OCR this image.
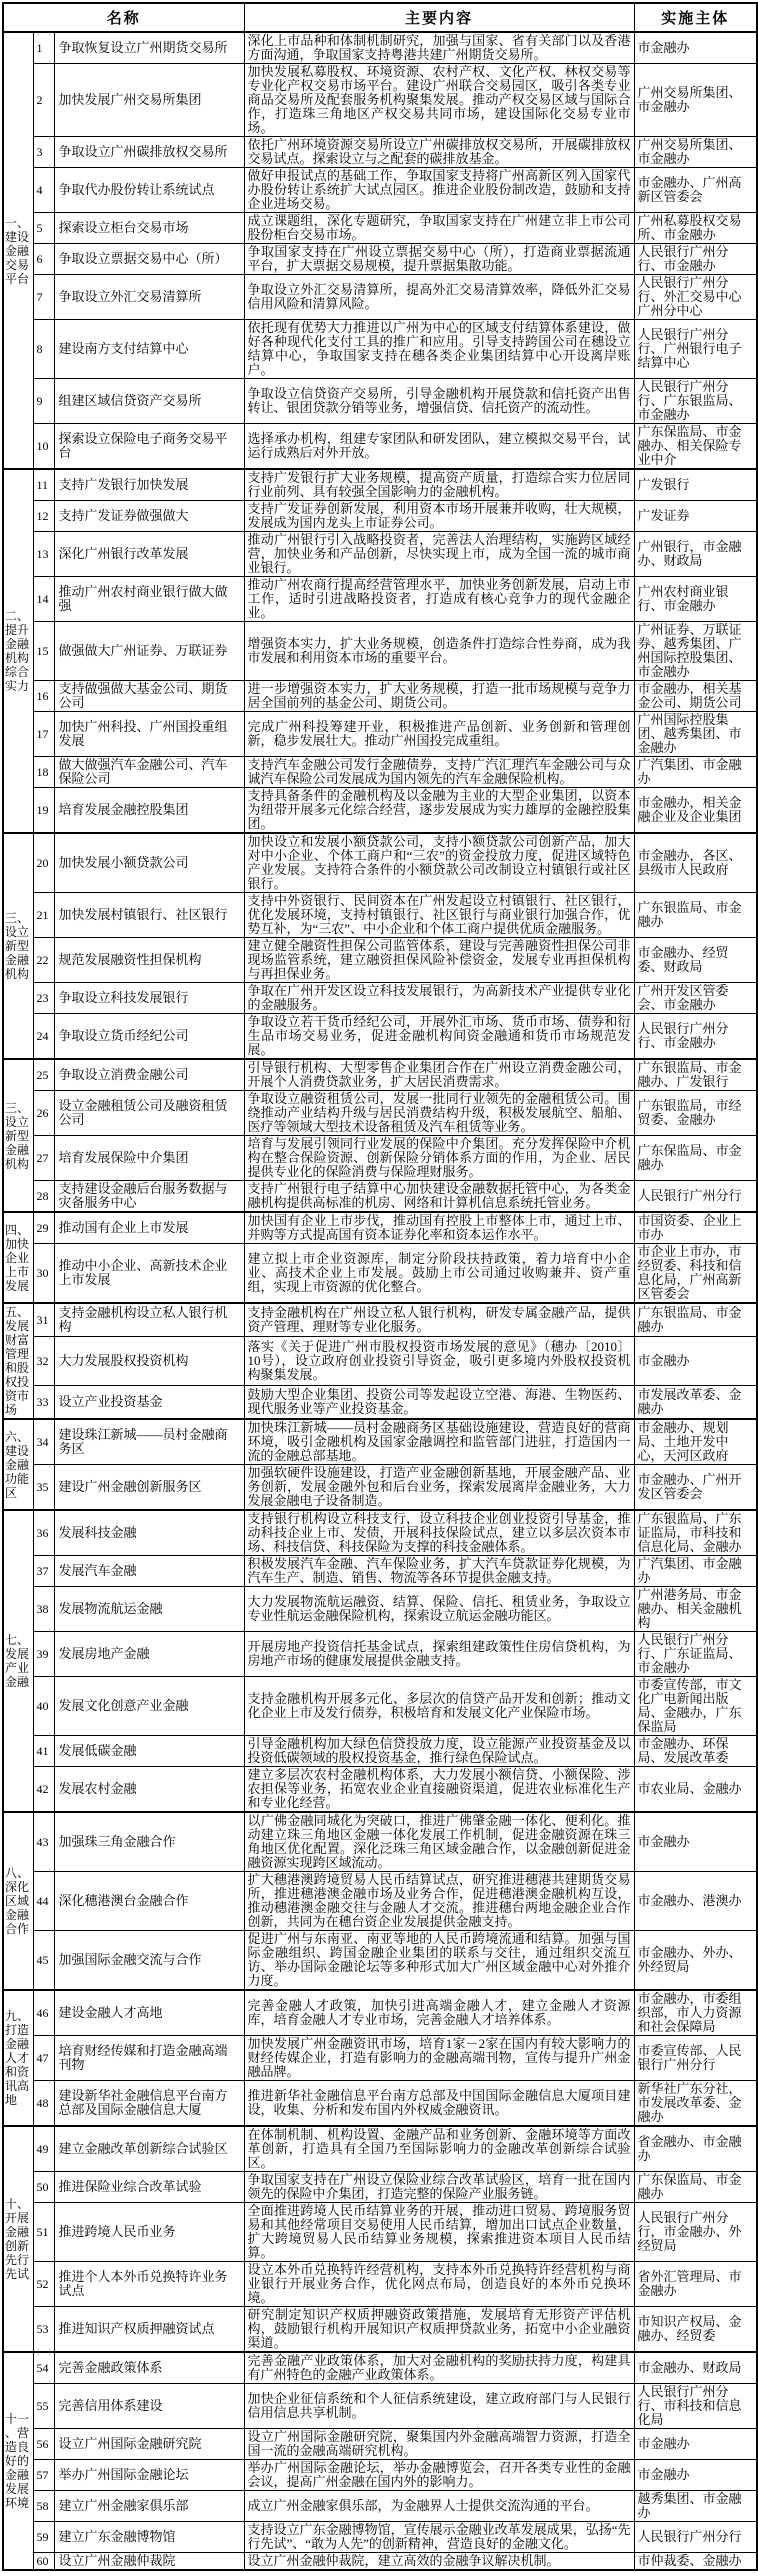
名称			主要内容	实施主体
一、建设金融交易平台	1	争取恢复设立广州期货交易所	深化上市品种和体制机制研究，加强与国家、省有关部门以及香港方面沟通，争取国家支持粤港共建广州期货交易所。	市金融办
	2	加快发展广州交易所集团	加快发展私募股权、环境资源、农村产权、文化产权、林权交易等专业化产权交易市场平台。建设广州联合交易园区，吸引各类专业商品交易所及配套服务机构聚集发展。推动产权交易区域与国际合作，打造珠三角地区产权交易共同市场，建设国际化交易专业市场。	广州交易所集团、市金融办
	3	争取设立广州碳排放权交易所	依托广州环境资源交易所设立广州碳排放权交易所，开展碳排放权交易试点。探索设立与之配套的碳排放基金。	广州交易所集团、市金融办
	4	争取代办股份转让系统试点	做好申报试点的基础工作，争取国家支持将广州高新区列入国家代办股份转让系统扩大试点园区。推进企业股份制改造，鼓励和支持企业进场交易。	市金融办、广州高新区管委会
	5	探索设立柜台交易市场	成立课题组，深化专题研究，争取国家支持在广州建立非上市公司股份柜台交易市场。	广州私募股权交易所、市金融办
	6	争取设立票据交易中心（所）	争取国家支持在广州设立票据交易中心（所），打造商业票据流通平台，扩大票据交易规模，提升票据集散功能。	人民银行广州分行、市金融办
	7	争取设立外汇交易清算所	争取设立外汇交易清算所，提高外汇交易清算效率，降低外汇交易信用风险和清算风险。	人民银行广州分行、外汇交易中心广州分中心
	8	建设南方支付结算中心	依托现有优势大力推进以广州为中心的区域支付结算体系建设，做好各种现代化支付工具的推广和应用。引导支持跨国公司在穗设立结算中心，争取国家支持在穗各类企业集团结算中心开设离岸账户。	人民银行广州分行、广州银行电子结算中心
	9	组建区域信贷资产交易所	争取设立信贷资产交易所，引导金融机构开展贷款和信托资产出售转让、银团贷款分销等业务，增强信贷、信托资产的流动性。	人民银行广州分行、广东银监局、市金融办
	10	探索设立保险电子商务交易平台	选择承办机构，组建专家团队和研发团队，建立模拟交易平台，试运行成熟后对外开放。	广东保监局、市金融办、相关保险专业中介
二、提升金融机构综合实力	11	支持广发银行加快发展	支持广发银行扩大业务规模，提高资产质量，打造综合实力位居同行业前列、具有较强全国影响力的金融机构。	广发银行
	12	支持广发证券做强做大	支持广发证券创新发展，利用资本市场开展兼并收购，壮大规模，发展成为国内龙头上市证券公司。	广发证券
	13	深化广州银行改革发展	推动广州银行引入战略投资者，完善法人治理结构，实施跨区域经营，加快业务和产品创新，尽快实现上市，成为全国一流的城市商业银行。	广州银行，市金融办、财政局
	14	推动广州农村商业银行做大做强	推动广州农商行提高经营管理水平，加快业务创新发展，启动上市工作，适时引进战略投资者，打造成有核心竞争力的现代金融企业。	广州农村商业银行、市金融办
	15	做强做大广州证券、万联证券	增强资本实力，扩大业务规模，创造条件打造综合性券商，成为我市发展和利用资本市场的重要平台。	广州证券、万联证券、越秀集团、广州国际控股集团、市金融办
	16	支持做强做大基金公司、期货公司	进一步增强资本实力，扩大业务规模，打造一批市场规模与竞争力居全国前列的基金公司、期货公司。	市金融办，相关基金公司、期货公司
	17	加快广州科投、广州国投重组发展	完成广州科投筹建开业，积极推进产品创新、业务创新和管理创新，稳步发展壮大。推动广州国投完成重组。	广州国际控股集团、越秀集团、市金融办
	18	做大做强汽车金融公司、汽车保险公司	支持汽车金融公司发行金融债券，支持广汽汇理汽车金融公司与众诚汽车保险公司发展成为国内领先的汽车金融保险机构。	广汽集团、市金融办
	19	培育发展金融控股集团	支持具备条件的金融机构及以金融为主业的大型企业集团，以资本为纽带开展多元化综合经营，逐步发展成为实力雄厚的金融控股集团。	市金融办，相关金融企业及企业集团
三、设立新型金融机构	20	加快发展小额贷款公司	加快设立和发展小额贷款公司，支持小额贷款公司创新产品，加大对中小企业、个体工商户和“三农”的资金投放力度，促进区域特色产业发展。支持符合条件的小额贷款公司改制设立村镇银行或社区银行。	市金融办，各区、县级市人民政府
	21	加快发展村镇银行、社区银行	支持中外资银行、民间资本在广州发起设立村镇银行、社区银行，优化发展环境，支持村镇银行、社区银行与商业银行加强合作，优势互补，为“三农”、中小企业和个体工商户提供优质金融服务。	广东银监局、市金融办
	22	规范发展融资性担保机构	建立健全融资性担保公司监管体系，建设与完善融资性担保公司非现场监管系统，建立融资担保风险补偿资金，发展专业再担保机构与再担保业务。	市金融办、经贸委、财政局
	23	争取设立科技发展银行	争取在广州开发区设立科技发展银行，为高新技术产业提供专业化的金融服务。	广州开发区管委会、市金融办
	24	争取设立货币经纪公司	争取设立若干货币经纪公司，开展外汇市场、货币市场、债券和衍生品市场交易业务，促进金融机构间资金融通和货币市场规范发展。	人民银行广州分行、市金融办
三、设立新型金融机构	25	争取设立消费金融公司	引导银行机构、大型零售企业集团合作在广州设立消费金融公司，开展个人消费贷款业务，扩大居民消费需求。	广东银监局、市金融办、广发银行
	26	设立金融租赁公司及融资租赁公司	争取设立融资租赁公司，发展一批同行业领先的金融租赁公司。围绕推动产业结构升级与居民消费结构升级，积极发展航空、船舶、医疗等领域大型技术设备租赁及汽车租赁等业务。	广东银监局，市经贸委、金融办
	27	培育发展保险中介集团	培育与发展引领同行业发展的保险中介集团。充分发挥保险中介机构在整合保险资源、创新保险分销体系方面的作用，为企业、居民提供专业化的保险消费与保险理财服务。	广东保监局、市金融办
	28	支持建设金融后台服务数据与灾备服务中心	支持广州银行电子结算中心加快建设金融数据托管中心，为各类金融机构提供高标准的机房、网络和计算机信息系统托管业务。	人民银行广州分行
四、加快企业上市发展	29	推动国有企业上市发展	加快国有企业上市步伐，推动国有控股上市整体上市，通过上市、并购等方式提高国有资本证券化率和资本运作水平。	市国资委、企业上市办
	30	推动中小企业、高新技术企业上市发展	建立拟上市企业资源库，制定分阶段扶持政策，着力培育中小企业、高技术企业上市发展。鼓励上市公司通过收购兼并、资产重组，实现上市资源的优化整合。	市企业上市办，市经贸委、科技和信息化局，广州高新区管委会
五、发展财富管理和股权投资市场	31	支持金融机构设立私人银行机构	支持金融机构在广州设立私人银行机构，研发专属金融产品，提供资产管理、理财等专业化服务。	广东银监局、市金融办
	32	大力发展股权投资机构	落实《关于促进广州市股权投资市场发展的意见》（穗办〔2010〕10号），设立政府创业投资引导资金，吸引更多境内外股权投资机构聚集发展。	市金融办
	33	设立产业投资基金	鼓励大型企业集团、投资公司等发起设立空港、海港、生物医药、现代服务业等产业投资基金。	市发展改革委、金融办
六、建设金融功能区	34	建设珠江新城——员村金融商务区	加快珠江新城——员村金融商务区基础设施建设，营造良好的营商环境，吸引金融机构及国家金融调控和监管部门进驻，打造国内一流的金融总部基地。	市金融办、规划局、土地开发中心，天河区政府
	35	建设广州金融创新服务区	加强软硬件设施建设，打造产业金融创新基地，开展金融产品、业务创新，发展金融外包和后台业务，探索发展离岸金融业务，大力发展金融电子设备制造。	市金融办、广州开发区管委会
七、发展产业金融	36	发展科技金融	支持银行机构设立科技支行，设立科技企业创业投资引导基金，推动科技企业上市、发债，开展科技保险试点，建立以多层次资本市场、科技信贷、科技保险为支撑的科技金融体系。	广东银监局、广东证监局，市科技和信息化局、金融办
	37	发展汽车金融	积极发展汽车金融、汽车保险业务，扩大汽车贷款证券化规模，为汽车生产、制造、销售、物流等各环节提供金融支持。	广汽集团、市金融办
	38	发展物流航运金融	大力发展物流航运融资、结算、保险、信托、租赁业务，争取设立专业性航运金融保险机构，探索设立航运金融功能区。	广州港务局、市金融办、相关金融机构
	39	发展房地产金融	开展房地产投资信托基金试点，探索组建政策性住房信贷机构，为房地产市场的健康发展提供金融支持。	人民银行广州分行、广东证监局、市金融办
	40	发展文化创意产业金融	支持金融机构开展多元化、多层次的信贷产品开发和创新；推动文化企业上市及发行债券，积极培育和发展文化产业保险市场。	市委宣传部，市文化广电新闻出版局、金融办，广东保监局
	41	发展低碳金融	引导金融机构加大绿色信贷投放力度，设立能源产业投资基金及以投资低碳领域的股权投资基金，推行绿色保险试点。	市金融办、环保局、发展改革委
	42	发展农村金融	建立多层次农村金融机构体系，大力发展小额信贷、小额保险、涉农担保等业务，拓宽农业企业直接融资渠道，促进农业标准化生产和专业化经营。	市农业局、金融办
八、深化区域金融合作	43	加强珠三角金融合作	以广佛金融同城化为突破口，推进广佛肇金融一体化、便利化。推动建立珠三角地区金融一体化发展工作机制，促进金融资源在珠三角地区优化配置。深化泛珠三角区域金融合作，以金融创新促进金融资源实现跨区域流动。	市金融办
	44	深化穗港澳台金融合作	扩大穗港澳跨境贸易人民币结算试点，研究推进穗港共建期货交易所，推进穗港澳金融市场及业务合作，促进穗港澳金融机构互设，推动穗港澳金融交往与金融人才交流。推进穗台两地金融企业合作创新，共同为在穗台资企业发展提供金融支持。	市金融办、港澳办
	45	加强国际金融交流与合作	促进广州与东南亚、南亚等地的人民币跨境流通和结算。加强与国际金融组织、跨国金融企业集团的联系与交往，通过组织交流互访、举办国际金融论坛等多种形式加大广州区域金融中心对外推介力度。	市金融办、外办、外经贸局
九、打造金融人才和资讯高地	46	建设金融人才高地	完善金融人才政策，加快引进高端金融人才，建立金融人才资源库，培育金融人才专业市场，完善金融人才培养体系。	市金融办，市委组织部，市人力资源和社会保障局
	47	培育财经传媒和打造金融高端刊物	加快发展广州金融资讯市场，培育1家－2家在国内有较大影响力的财经传媒企业，打造有影响力的金融高端刊物，宣传与提升广州金融品牌。	市委宣传部、人民银行广州分行
	48	建设新华社金融信息平台南方总部及国际金融信息大厦	推进新华社金融信息平台南方总部及中国国际金融信息大厦项目建设，收集、分析和发布国内外权威金融资讯。	新华社广东分社，市发展改革委、金融办
十、开展金融创新先行先试	49	建立金融改革创新综合试验区	在体制机制、机构设置、金融产品和业务创新、金融环境等方面改革创新，打造具有全国乃至国际影响力的金融改革创新综合试验区。	省金融办、市金融办
	50	推进保险业综合改革试验	争取国家支持在广州设立保险业综合改革试验区，培育一批在国内领先的保险中介集团，打造完整的保险产业服务链。	广东保监局、市金融办
	51	推进跨境人民币业务	全面推进跨境人民币结算业务的开展，推动进口贸易、跨境服务贸易和其他经常项目交易使用人民币结算，增加出口试点企业数量，扩大跨境贸易人民币结算业务规模，探索推进资本项目人民币结算。	人民银行广州分行，市金融办、外经贸局
	52	推进个人本外币兑换特许业务试点	设立本外币兑换特许经营机构，支持本外币兑换特许经营机构与商业银行开展业务合作，优化网点布局，创造良好的本外币兑换环境。	省外汇管理局、市金融办
	53	推进知识产权质押融资试点	研究制定知识产权质押融资政策措施，发展培育无形资产评估机构，鼓励银行机构开展知识产权质押贷款业务，拓宽中小企业融资渠道。	市知识产权局、金融办、经贸委
十一、营造良好的金融发展环境	54	完善金融政策体系	完善金融产业政策体系，加大对金融机构的奖励扶持力度，构建具有广州特色的金融产业政策体系。	市金融办、财政局
	55	完善信用体系建设	加快企业征信系统和个人征信系统建设，建立政府部门与人民银行信用信息共享机制。	人民银行广州分行、市科技和信息化局
	56	设立广州国际金融研究院	设立广州国际金融研究院，聚集国内外金融高端智力资源，打造全国一流的金融高端研究机构。	市金融办
	57	举办广州国际金融论坛	举办广州国际金融论坛，举办金融博览会，召开各类专业性的金融会议，提高广州金融在国内外的影响力。	市金融办
	58	建立广州金融家俱乐部	成立广州金融家俱乐部，为金融界人士提供交流沟通的平台。	越秀集团、市金融办
	59	建立广东金融博物馆	支持设立广东金融博物馆，宣传展示金融业改革发展成果，弘扬“先行先试”、“敢为人先”的创新精神，营造良好的金融文化。	人民银行广州分行
	60	设立广州金融仲裁院	设立广州金融仲裁院，建立高效的金融争议解决机制。	市仲裁委、金融办
